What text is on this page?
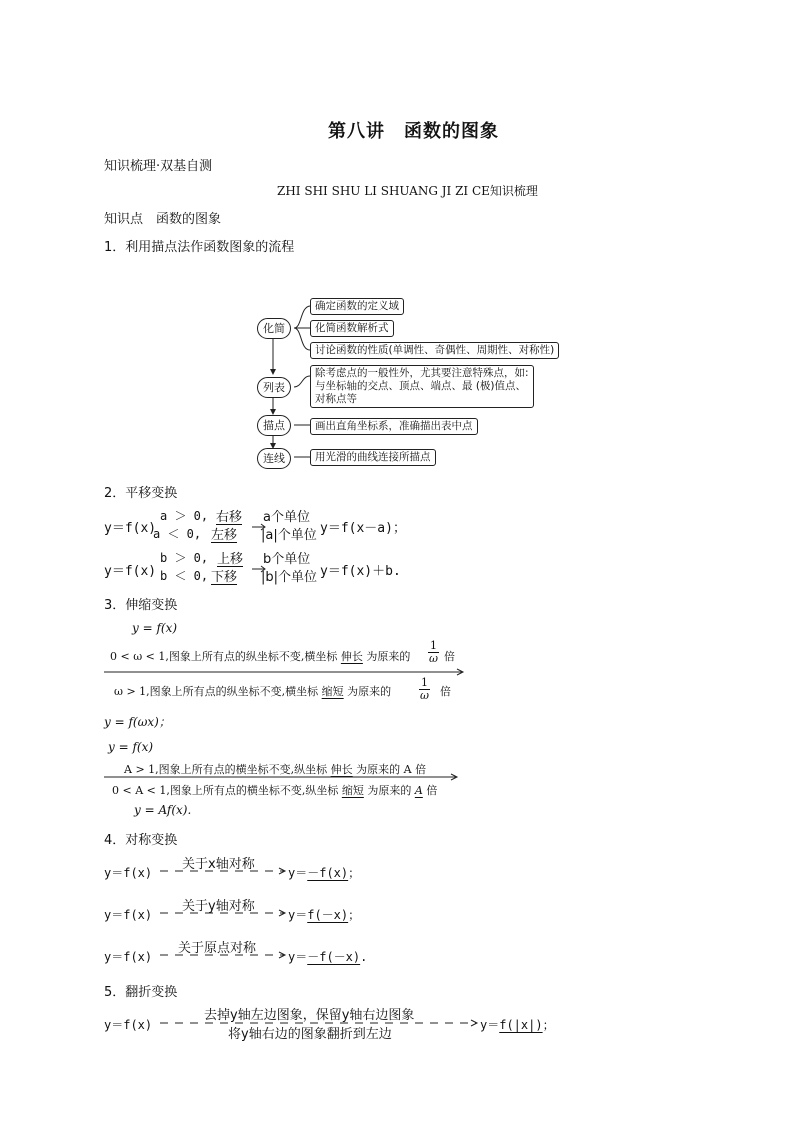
第八讲　函数的图象
知识梳理·双基自测
ZHI SHI SHU LI SHUANG JI ZI CE知识梳理
知识点　函数的图象
1．利用描点法作函数图象的流程
化简
列表
描点
连线
确定函数的定义域
化简函数解析式
讨论函数的性质(单调性、奇偶性、周期性、对称性)
除考虑点的一般性外，尤其要注意特殊点，如:
与坐标轴的交点、顶点、端点、最 (极)值点、
对称点等
画出直角坐标系，准确描出表中点
用光滑的曲线连接所描点
2．平移变换
y＝f(x)
a ＞ 0,
a ＜ 0,
右移
左移
a个单位
|a|个单位 y＝f(x－a)；
y＝f(x)
b ＞ 0,
b ＜ 0,
上移
下移
b个单位
|b|个单位 y＝f(x)＋b.
3．伸缩变换
y = f(x)
0 < ω < 1,图象上所有点的纵坐标不变,横坐标 伸长 为原来的 $\frac{1}{\omega}$ 倍
ω > 1,图象上所有点的纵坐标不变,横坐标 缩短 为原来的	$\frac{1}{\omega}$ 倍
y = f(ωx)；
y = f(x)
A > 1,图象上所有点的横坐标不变,纵坐标 伸长 为原来的 A 倍
0 < A < 1,图象上所有点的横坐标不变,纵坐标 缩短 为原来的 A 倍
y = Af(x).
4．对称变换
y＝f(x)
关于x轴对称
y＝－f(x)；
y＝f(x)
关于y轴对称
y＝f(－x)；
y＝f(x)
关于原点对称
y＝－f(－x).
5．翻折变换
y＝f(x)
去掉y轴左边图象，保留y轴右边图象
将y轴右边的图象翻折到左边
y＝f(|x|)；
